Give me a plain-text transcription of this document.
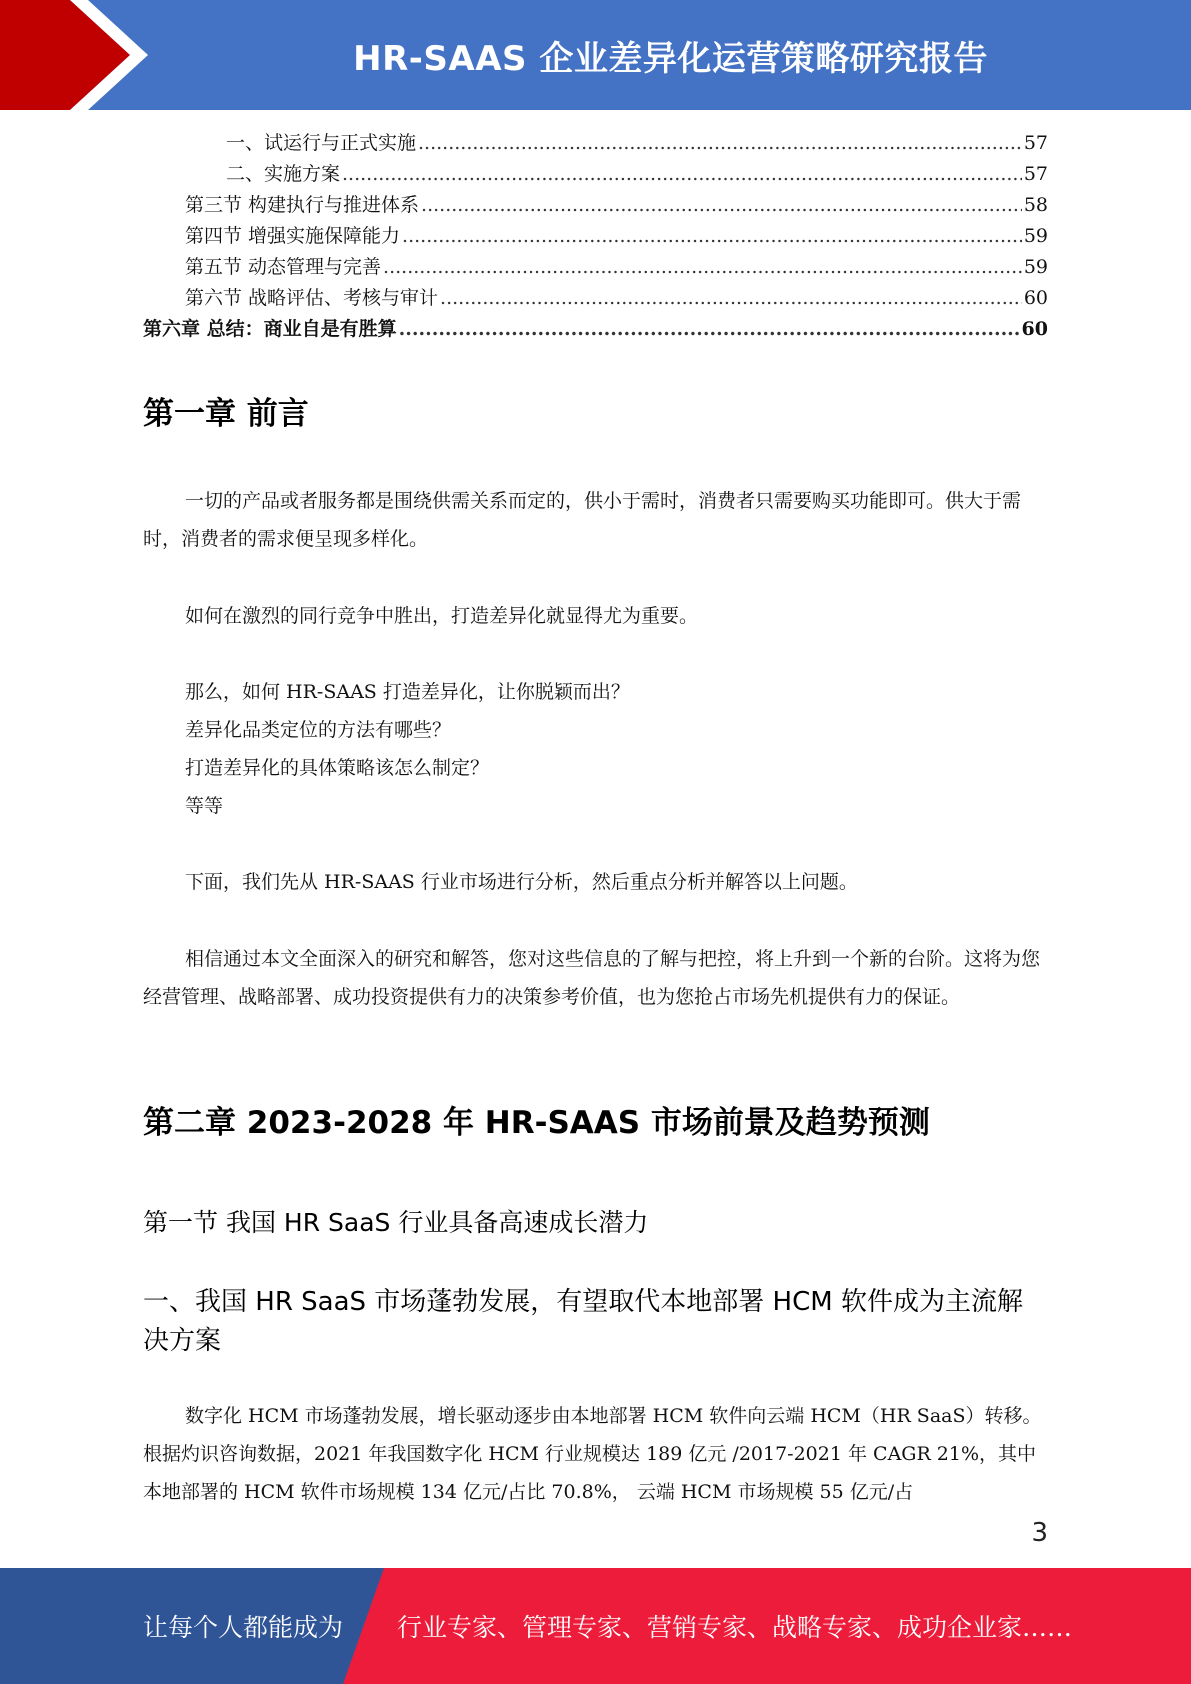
HR-SAAS 企业差异化运营策略研究报告
一、试运行与正式实施 .....	57
二、实施方案 .....	57
第三节 构建执行与推进体系 .....	58
第四节 增强实施保障能力 .....	59
第五节 动态管理与完善 .....	59
第六节 战略评估、考核与审计 .....	60
第六章 总结：商业自是有胜算 .....	60
第一章 前言

一切的产品或者服务都是围绕供需关系而定的，供小于需时，消费者只需要购买功能即可。供大于需时，消费者的需求便呈现多样化。

如何在激烈的同行竞争中胜出，打造差异化就显得尤为重要。

那么，如何 HR-SAAS 打造差异化，让你脱颖而出？

差异化品类定位的方法有哪些？

打造差异化的具体策略该怎么制定？

等等

下面，我们先从 HR-SAAS 行业市场进行分析，然后重点分析并解答以上问题。

相信通过本文全面深入的研究和解答，您对这些信息的了解与把控，将上升到一个新的台阶。这将为您经营管理、战略部署、成功投资提供有力的决策参考价值，也为您抢占市场先机提供有力的保证。

第二章 2023-2028 年 HR-SAAS 市场前景及趋势预测
第一节 我国 HR SaaS 行业具备高速成长潜力
一、我国 HR SaaS 市场蓬勃发展，有望取代本地部署 HCM 软件成为主流解决方案

数字化 HCM 市场蓬勃发展，增长驱动逐步由本地部署 HCM 软件向云端 HCM（HR SaaS）转移。根据灼识咨询数据，2021 年我国数字化 HCM 行业规模达 189 亿元 /2017-2021 年 CAGR 21%，其中本地部署的 HCM 软件市场规模 134 亿元/占比 70.8%， 云端 HCM 市场规模 55 亿元/占

3
让每个人都能成为 行业专家、管理专家、营销专家、战略专家、成功企业家……
